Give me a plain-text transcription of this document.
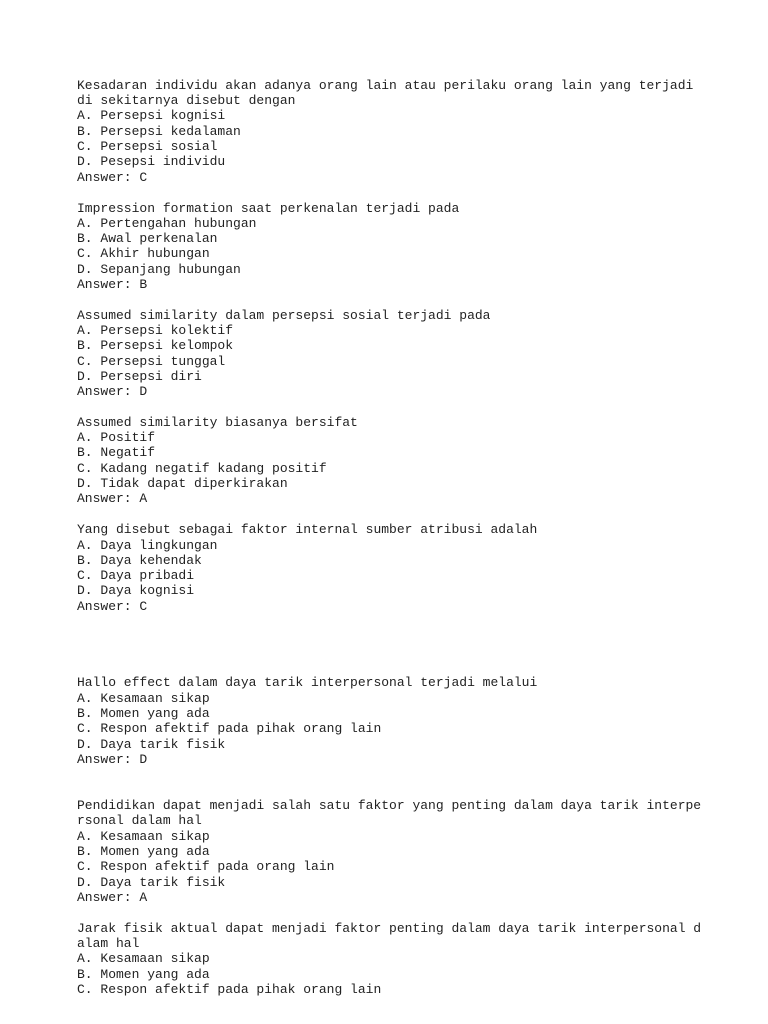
Kesadaran individu akan adanya orang lain atau perilaku orang lain yang terjadi

di sekitarnya disebut dengan

A. Persepsi kognisi

B. Persepsi kedalaman

C. Persepsi sosial

D. Pesepsi individu

Answer: C

Impression formation saat perkenalan terjadi pada

A. Pertengahan hubungan

B. Awal perkenalan

C. Akhir hubungan

D. Sepanjang hubungan

Answer: B

Assumed similarity dalam persepsi sosial terjadi pada

A. Persepsi kolektif

B. Persepsi kelompok

C. Persepsi tunggal

D. Persepsi diri

Answer: D

Assumed similarity biasanya bersifat

A. Positif

B. Negatif

C. Kadang negatif kadang positif

D. Tidak dapat diperkirakan

Answer: A

Yang disebut sebagai faktor internal sumber atribusi adalah

A. Daya lingkungan

B. Daya kehendak

C. Daya pribadi

D. Daya kognisi

Answer: C

Hallo effect dalam daya tarik interpersonal terjadi melalui

A. Kesamaan sikap

B. Momen yang ada

C. Respon afektif pada pihak orang lain

D. Daya tarik fisik

Answer: D

Pendidikan dapat menjadi salah satu faktor yang penting dalam daya tarik interpe

rsonal dalam hal

A. Kesamaan sikap

B. Momen yang ada

C. Respon afektif pada orang lain

D. Daya tarik fisik

Answer: A

Jarak fisik aktual dapat menjadi faktor penting dalam daya tarik interpersonal d

alam hal

A. Kesamaan sikap

B. Momen yang ada

C. Respon afektif pada pihak orang lain
